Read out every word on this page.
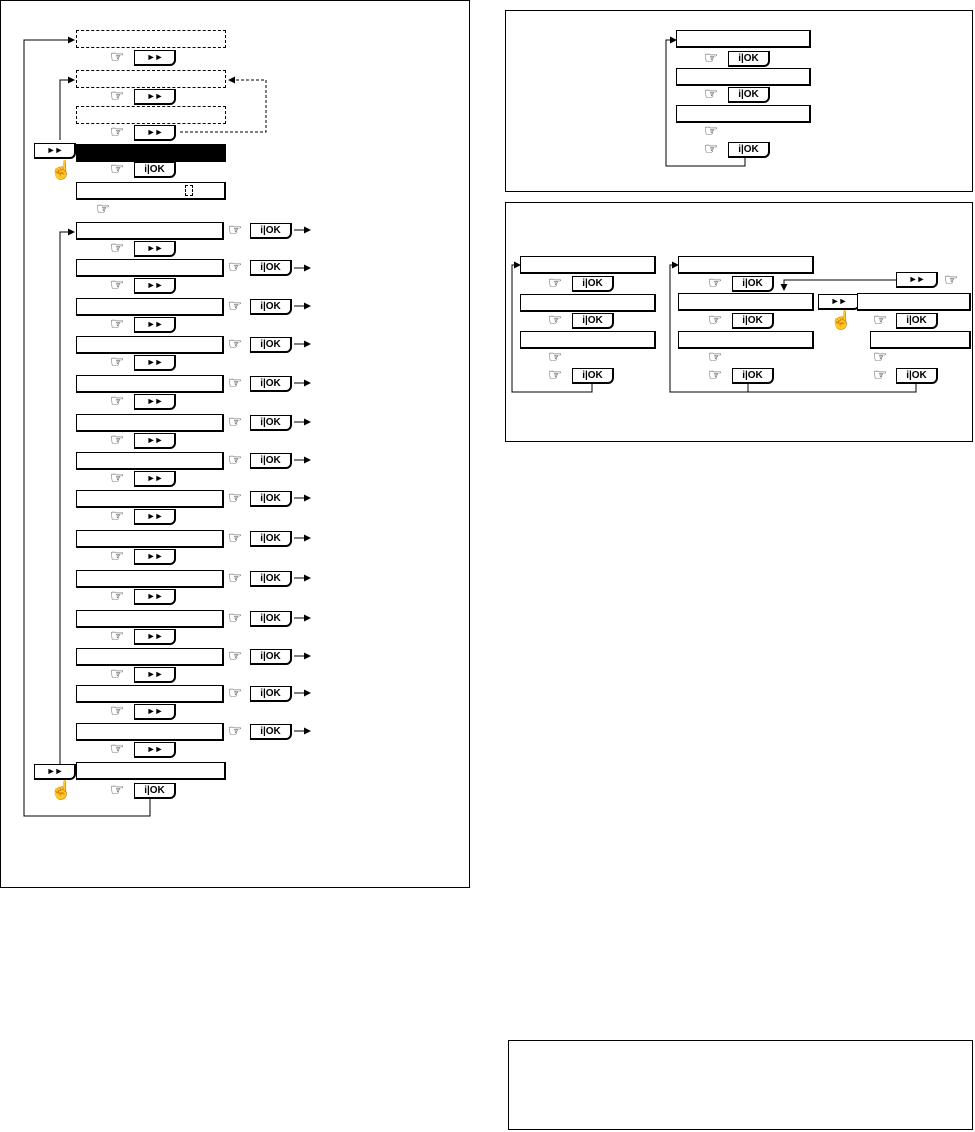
☞	►►
☞	►►
☞	►►
►►
☝ ☞	i|OK
☞
☞	i|OK
☞	►►
☞	i|OK
☞	►►
☞	i|OK
☞	►►
☞	i|OK
☞	►►
☞	i|OK
☞	►►
☞	i|OK
☞	►►
☞	i|OK
☞	►►
☞	i|OK
☞	►►
☞	i|OK
☞	►►
☞	i|OK
☞	►►
☞	i|OK
☞	►►
☞	i|OK
☞	►►
☞	i|OK
☞	►►
☞	i|OK
☞	►►
►►
☝ ☞	i|OK
☞	i|OK
☞	i|OK
☞
☞	i|OK
☞	i|OK
☞	i|OK
☞
☞	i|OK
☞	i|OK
☞	i|OK
☞
☞	i|OK
►►
☝
►►	☞
☞	i|OK
☞
☞	i|OK
